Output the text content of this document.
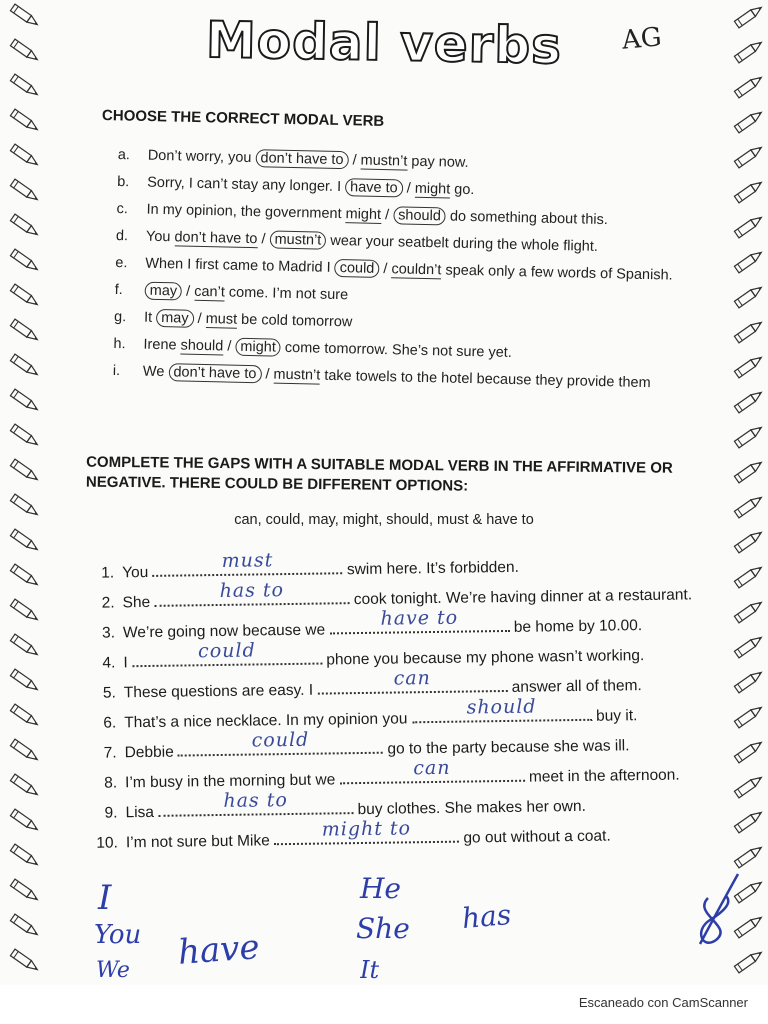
Modal verbs	AG
CHOOSE THE CORRECT MODAL VERB
a. Don’t worry, you don’t have to / mustn’t pay now.
b. Sorry, I can’t stay any longer. I have to / might go.
c. In my opinion, the government might / should do something about this.
d. You don’t have to / mustn’t wear your seatbelt during the whole flight.
e. When I first came to Madrid I could / couldn’t speak only a few words of Spanish.
f. may / can’t come. I’m not sure
g. It may / must be cold tomorrow
h. Irene should / might come tomorrow. She’s not sure yet.
i. We don’t have to / mustn’t take towels to the hotel because they provide them
COMPLETE THE GAPS WITH A SUITABLE MODAL VERB IN THE AFFIRMATIVE OR NEGATIVE. THERE COULD BE DIFFERENT OPTIONS:
can, could, may, might, should, must & have to
1. You
must	swim here. It’s forbidden.
2. She
has to	cook tonight. We’re having dinner at a restaurant.
3. We’re going now because we
have to	be home by 10.00.
4. I
could	phone you because my phone wasn’t working.
5. These questions are easy. I
can	answer all of them.
6. That’s a nice necklace. In my opinion you
should	buy it.
7. Debbie
could	go to the party because she was ill.
8. I’m busy in the morning but we
can	meet in the afternoon.
9. Lisa
has to	buy clothes. She makes her own.
10. I’m not sure but Mike
might to	go out without a coat.
I
You
We have
He
She
It
has
Escaneado con CamScanner
